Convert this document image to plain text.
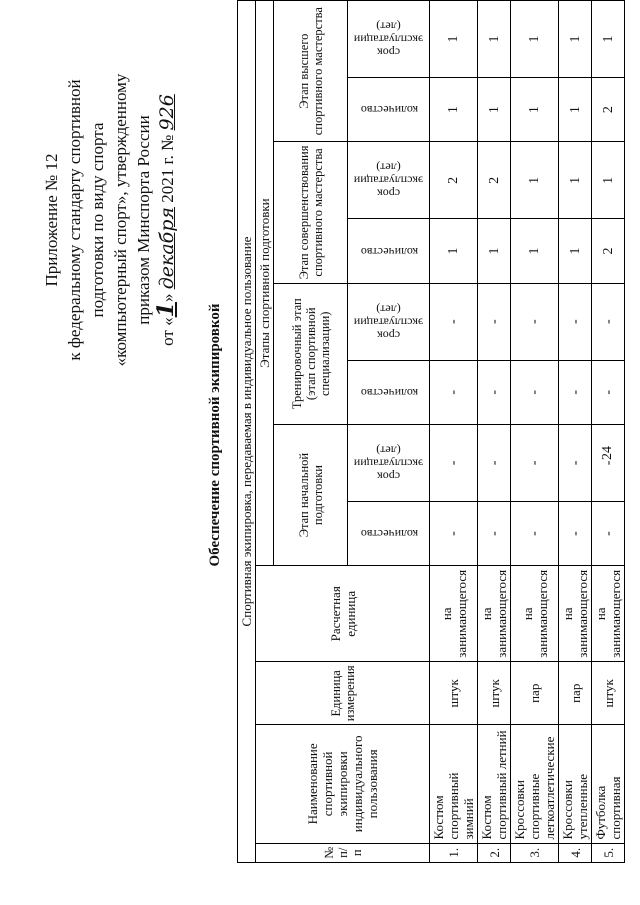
24
Приложение № 12 к федеральному стандарту спортивной подготовки по виду спорта «компьютерный спорт», утвержденному приказом Минспорта России
от «1» декабря 2021 г. № 926
Обеспечение спортивной экипировкой Спортивная экипировка, передаваемая в индивидуальное пользование											
№ п/п	Наименование спортивной экипировки индивидуального пользования	Единица измерения	Расчетная единица	Этапы спортивной подготовки							
				Этап начальной подготовки		Тренировочный этап (этап спортивной специализации)		Этап совершенствования спортивного мастерства		Этап высшего спортивного мастерства	
				количество	срок эксплуатации (лет)	количество	срок эксплуатации (лет)	количество	срок эксплуатации (лет)	количество	срок эксплуатации (лет)
1.	Костюм спортивный зимний	штук	на занимающегося	-	-	-	-	1	2	1	1
2.	Костюм спортивный летний	штук	на занимающегося	-	-	-	-	1	2	1	1
3.	Кроссовки спортивные легкоатлетические	пар	на занимающегося	-	-	-	-	1	1	1	1
4.	Кроссовки утепленные	пар	на занимающегося	-	-	-	-	1	1	1	1
5.	Футболка спортивная	штук	на занимающегося	-	-	-	-	2	1	2	1
